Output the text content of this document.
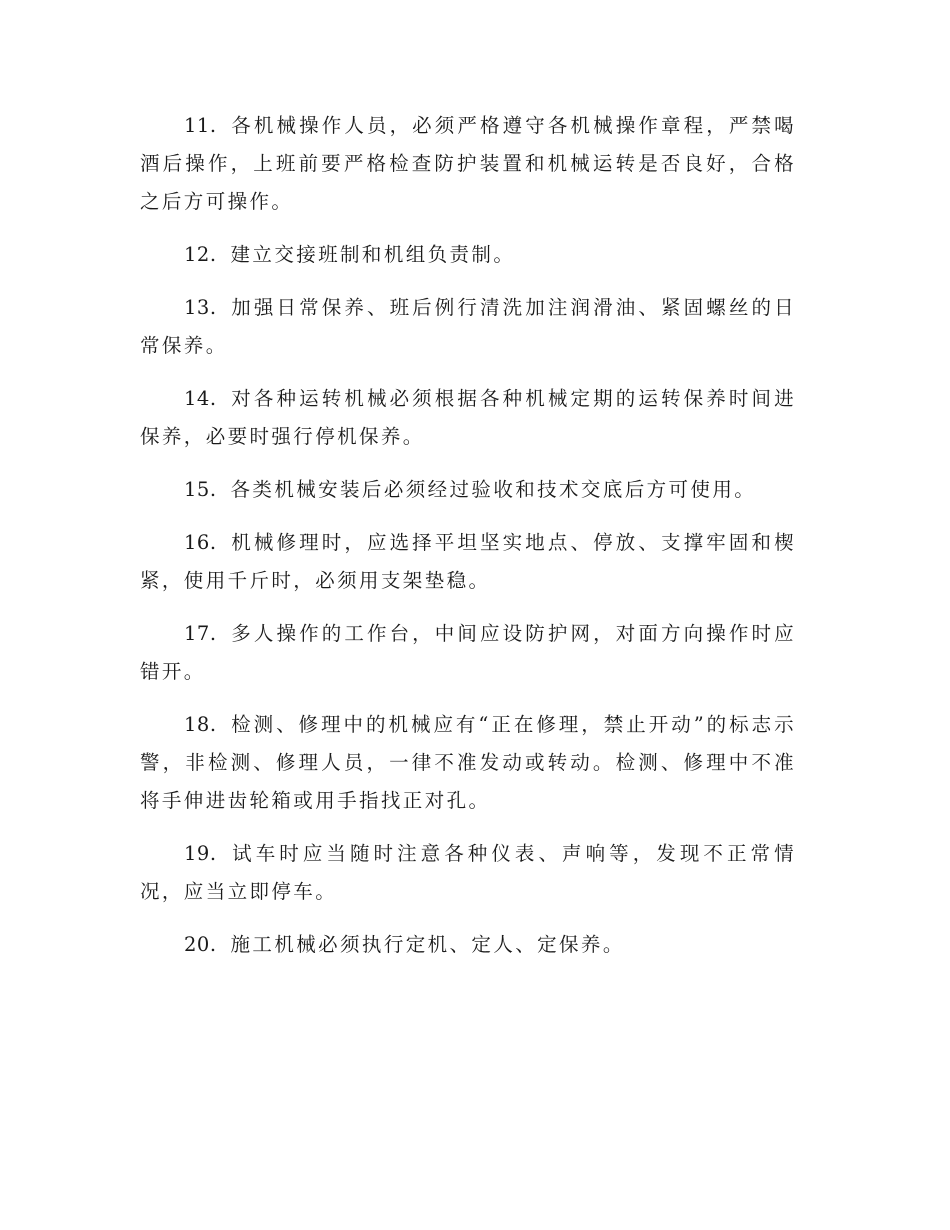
11. 各机械操作人员，必须严格遵守各机械操作章程，严禁喝酒后操作，上班前要严格检查防护装置和机械运转是否良好，合格之后方可操作。

12. 建立交接班制和机组负责制。

13. 加强日常保养、班后例行清洗加注润滑油、紧固螺丝的日常保养。

14. 对各种运转机械必须根据各种机械定期的运转保养时间进保养，必要时强行停机保养。

15. 各类机械安装后必须经过验收和技术交底后方可使用。

16. 机械修理时，应选择平坦坚实地点、停放、支撑牢固和楔紧，使用千斤时，必须用支架垫稳。

17. 多人操作的工作台，中间应设防护网，对面方向操作时应错开。

18. 检测、修理中的机械应有“正在修理，禁止开动”的标志示警，非检测、修理人员，一律不准发动或转动。检测、修理中不准将手伸进齿轮箱或用手指找正对孔。

19. 试车时应当随时注意各种仪表、声响等，发现不正常情况，应当立即停车。

20. 施工机械必须执行定机、定人、定保养。
